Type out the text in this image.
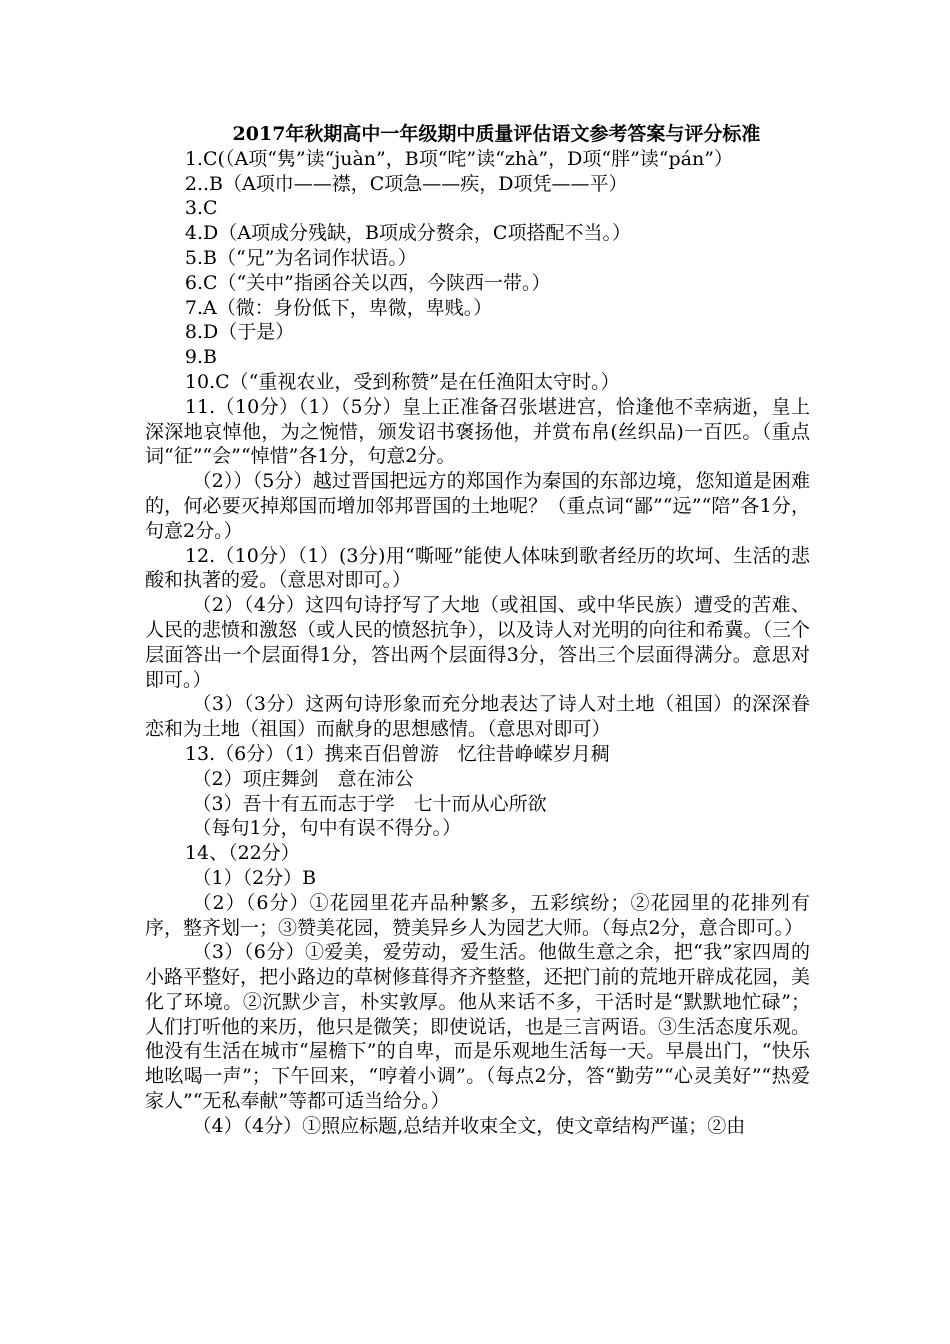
2017年秋期高中一年级期中质量评估语文参考答案与评分标准

1.C(（A项“隽”读“juàn”，B项“咤”读“zhà”，D项“胖”读“pán”）

2..B（A项巾——襟，C项急——疾，D项凭——平）

3.C

4.D（A项成分残缺，B项成分赘余，C项搭配不当。）

5.B（“兄”为名词作状语。）

6.C（“关中”指函谷关以西，今陕西一带。）

7.A（微：身份低下，卑微，卑贱。）

8.D（于是）

9.B

10.C（“重视农业，受到称赞”是在任渔阳太守时。）

11.（10分）（1）（5分）皇上正准备召张堪进宫，恰逢他不幸病逝，皇上深深地哀悼他，为之惋惜，颁发诏书褒扬他，并赏布帛(丝织品)一百匹。（重点词“征”“会”“悼惜”各1分，句意2分。

（2））（5分）越过晋国把远方的郑国作为秦国的东部边境，您知道是困难的，何必要灭掉郑国而增加邻邦晋国的土地呢？（重点词“鄙”“远”“陪”各1分，句意2分。）

12.（10分）（1）(3分)用“嘶哑”能使人体味到歌者经历的坎坷、生活的悲酸和执著的爱。（意思对即可。）

（2）（4分）这四句诗抒写了大地（或祖国、或中华民族）遭受的苦难、人民的悲愤和激怒（或人民的愤怒抗争），以及诗人对光明的向往和希冀。（三个层面答出一个层面得1分，答出两个层面得3分，答出三个层面得满分。意思对即可。）

（3）（3分）这两句诗形象而充分地表达了诗人对土地（祖国）的深深眷恋和为土地（祖国）而献身的思想感情。（意思对即可）

13.（6分）（1）携来百侣曾游　忆往昔峥嵘岁月稠

（2）项庄舞剑　意在沛公

（3）吾十有五而志于学　七十而从心所欲

（每句1分，句中有误不得分。）

14、（22分）

（1）（2分）B

（2）（6分）①花园里花卉品种繁多，五彩缤纷；②花园里的花排列有序，整齐划一；③赞美花园，赞美异乡人为园艺大师。（每点2分，意合即可。）

（3）（6分）①爱美，爱劳动，爱生活。他做生意之余，把“我”家四周的小路平整好，把小路边的草树修葺得齐齐整整，还把门前的荒地开辟成花园，美化了环境。②沉默少言，朴实敦厚。他从来话不多，干活时是“默默地忙碌”；人们打听他的来历，他只是微笑；即使说话，也是三言两语。③生活态度乐观。他没有生活在城市“屋檐下”的自卑，而是乐观地生活每一天。早晨出门，“快乐地吆喝一声”；下午回来，“哼着小调”。（每点2分，答“勤劳”“心灵美好”“热爱家人”“无私奉献”等都可适当给分。）

（4）（4分）①照应标题,总结并收束全文，使文章结构严谨；②由
